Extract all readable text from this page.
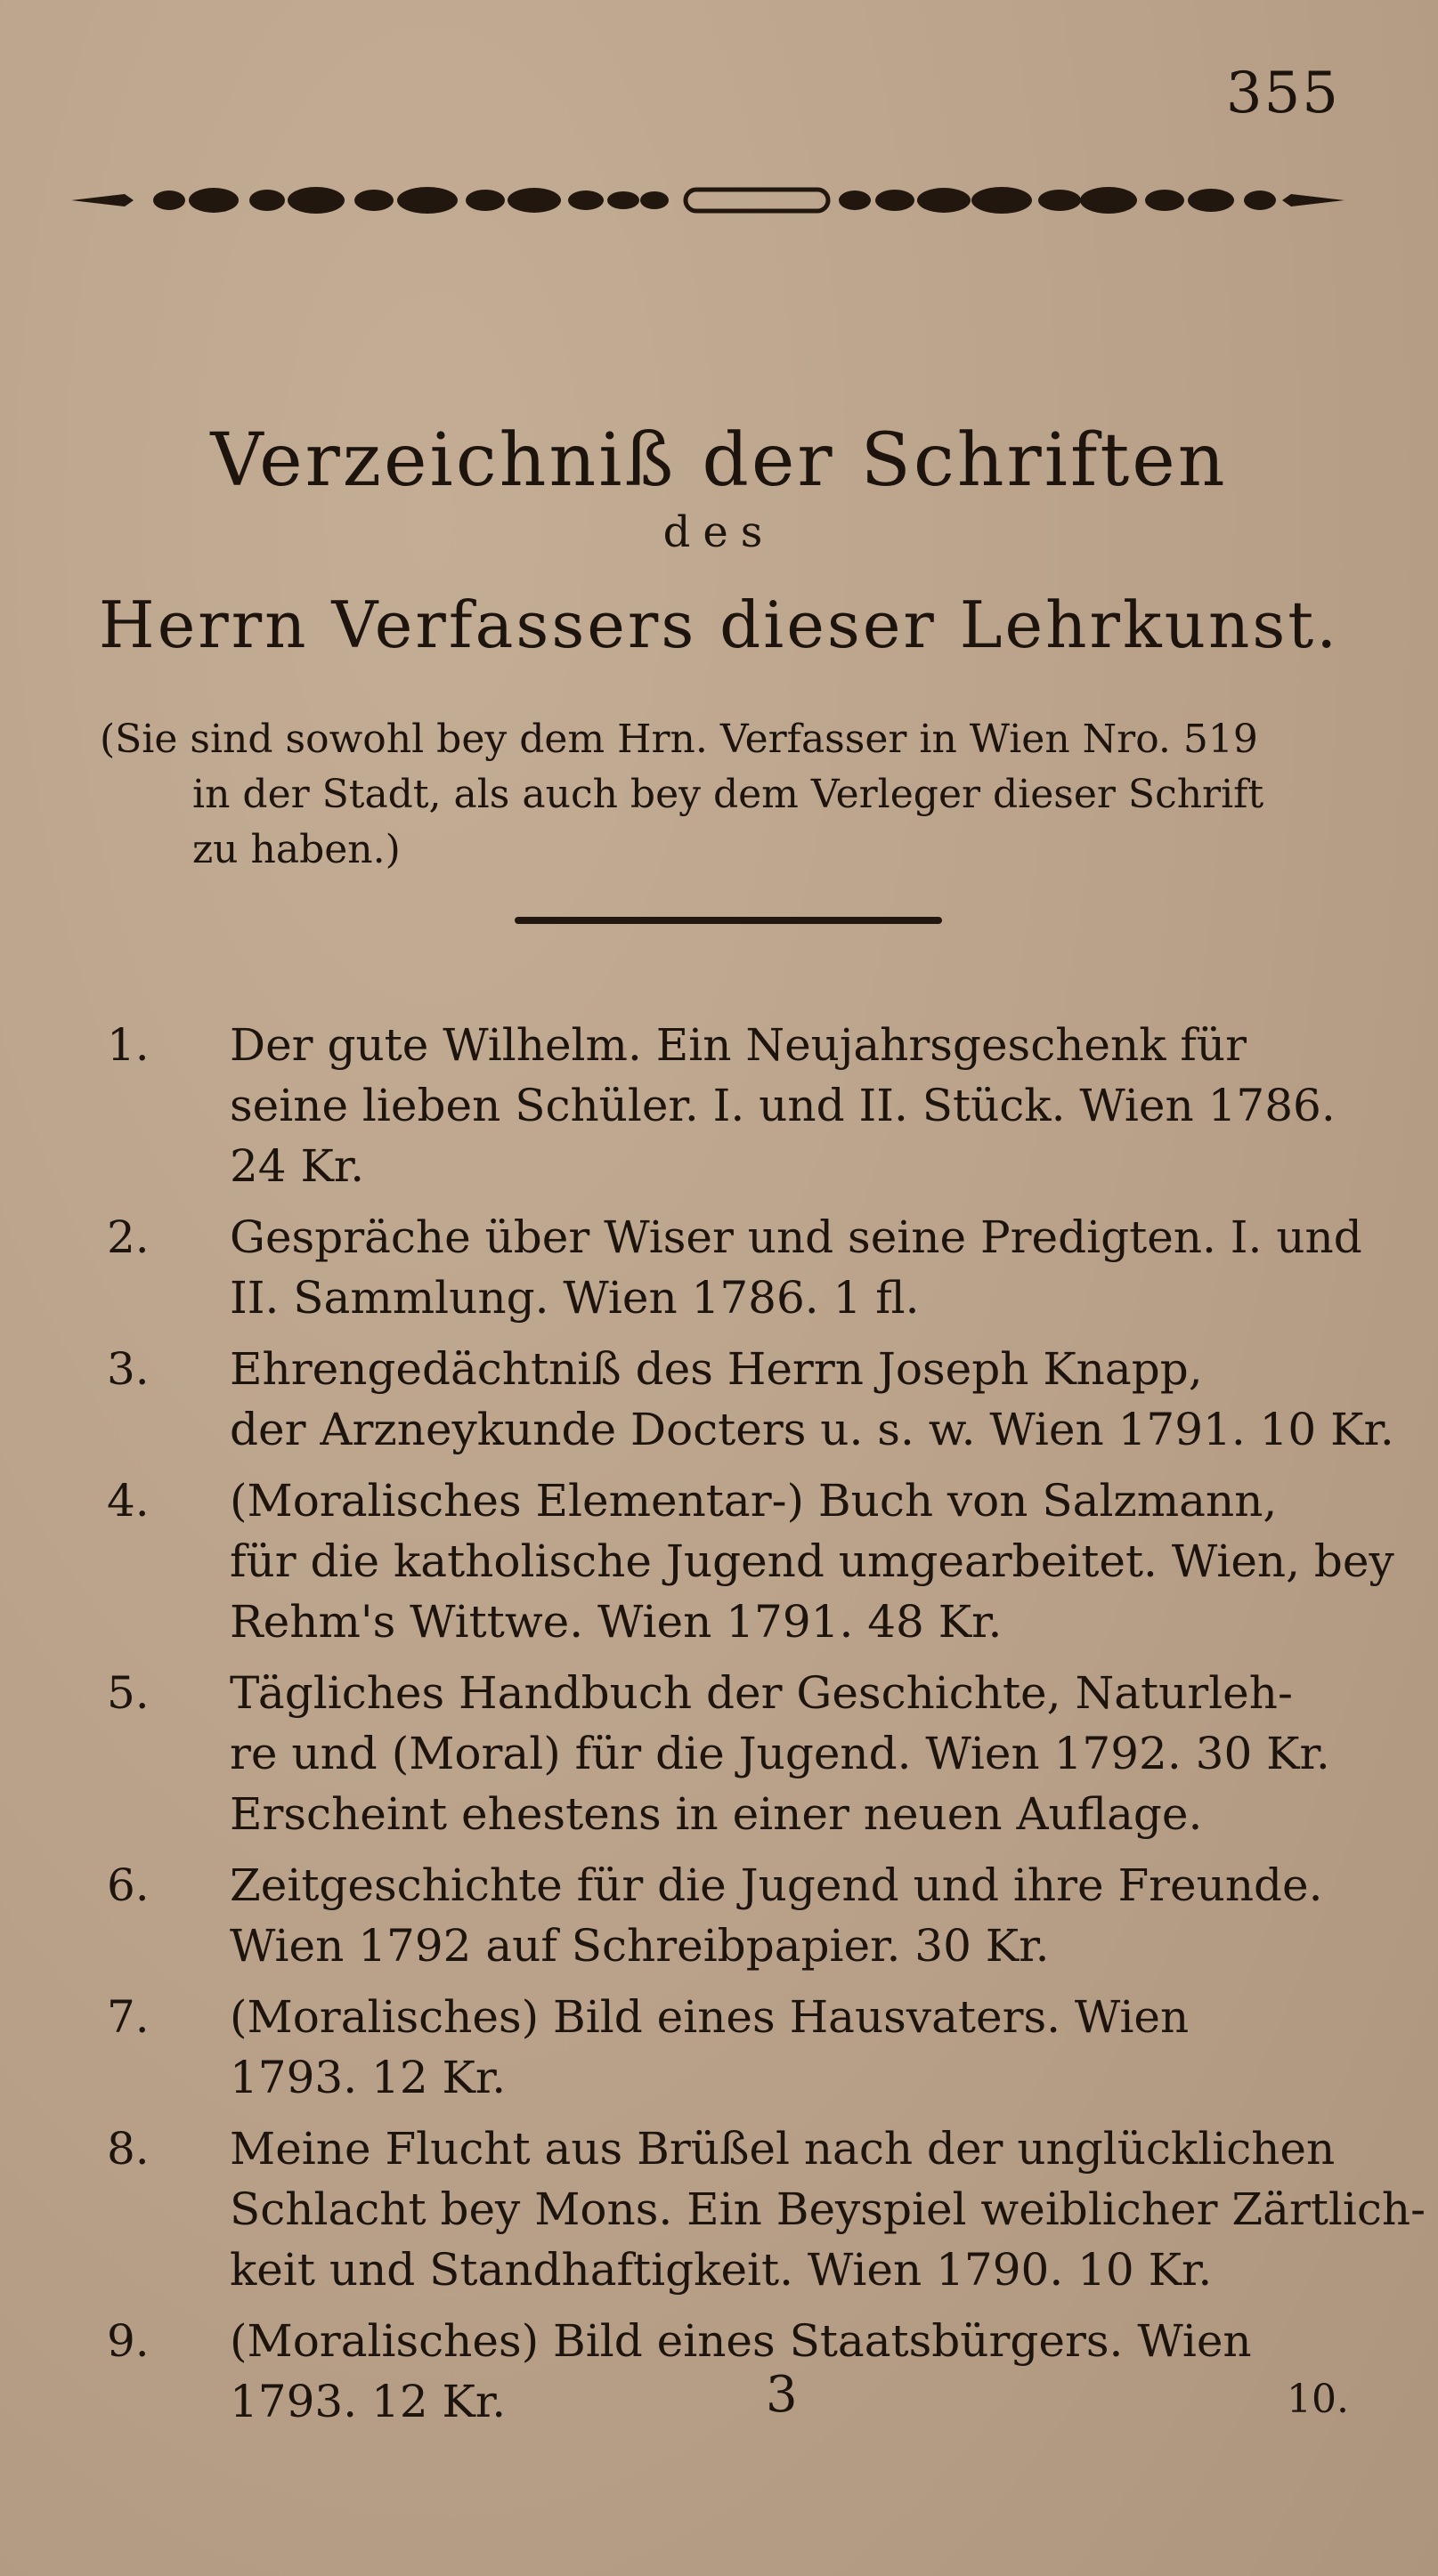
355
Verzeichniß der Schriften
des
Herrn Verfassers dieser Lehrkunst.
(Sie sind sowohl bey dem Hrn. Verfasser in Wien Nro. 519
in der Stadt, als auch bey dem Verleger dieser Schrift
zu haben.)
1. Der gute Wilhelm. Ein Neujahrsgeschenk für
seine lieben Schüler. I. und II. Stück. Wien 1786.
24 Kr.
2. Gespräche über Wiser und seine Predigten. I. und
II. Sammlung. Wien 1786. 1 fl.
3. Ehrengedächtniß des Herrn Joseph Knapp,
der Arzneykunde Docters u. s. w. Wien 1791. 10 Kr.
4. (Moralisches Elementar-) Buch von Salzmann,
für die katholische Jugend umgearbeitet. Wien, bey
Rehm's Wittwe. Wien 1791. 48 Kr.
5. Tägliches Handbuch der Geschichte, Naturleh-
re und (Moral) für die Jugend. Wien 1792. 30 Kr.
Erscheint ehestens in einer neuen Auflage.
6. Zeitgeschichte für die Jugend und ihre Freunde.
Wien 1792 auf Schreibpapier. 30 Kr.
7. (Moralisches) Bild eines Hausvaters. Wien
1793. 12 Kr.
8. Meine Flucht aus Brüßel nach der unglücklichen
Schlacht bey Mons. Ein Beyspiel weiblicher Zärtlich-
keit und Standhaftigkeit. Wien 1790. 10 Kr.
9. (Moralisches) Bild eines Staatsbürgers. Wien
1793. 12 Kr.	3	10.
